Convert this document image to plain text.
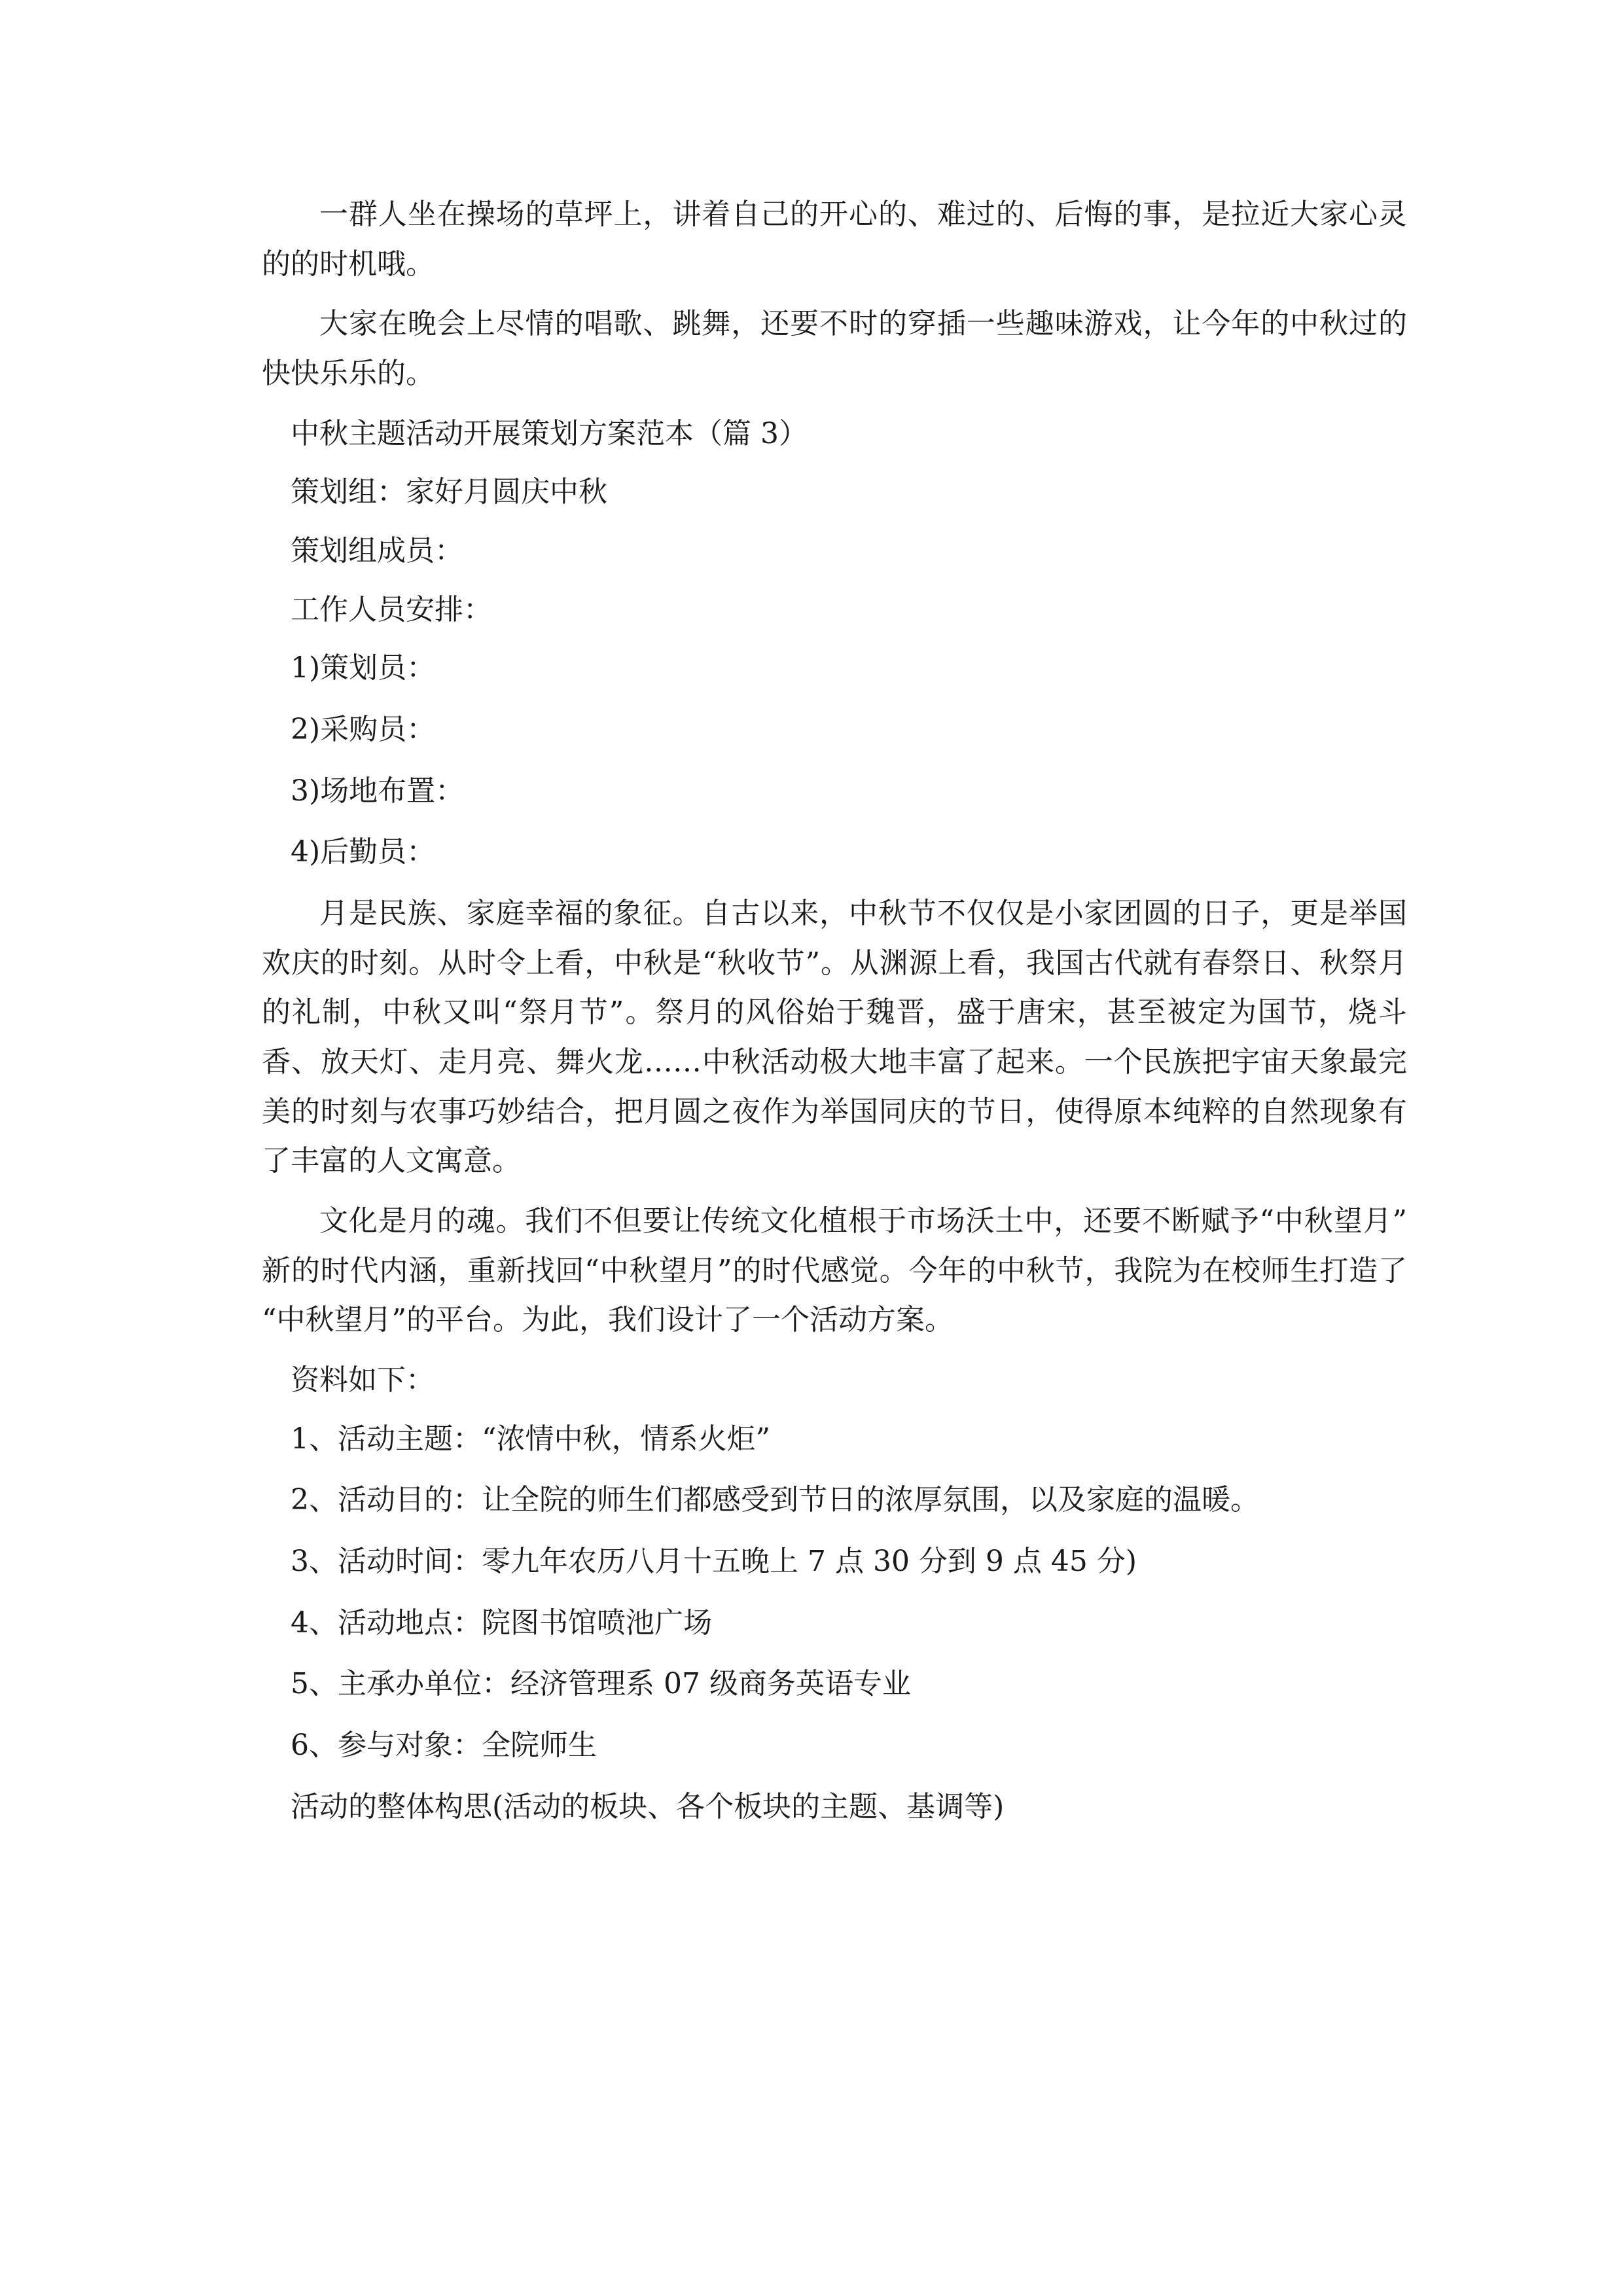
一群人坐在操场的草坪上，讲着自己的开心的、难过的、后悔的事，是拉近大家心灵的的时机哦。

大家在晚会上尽情的唱歌、跳舞，还要不时的穿插一些趣味游戏，让今年的中秋过的快快乐乐的。

中秋主题活动开展策划方案范本（篇 3）

策划组：家好月圆庆中秋

策划组成员：

工作人员安排：

1)策划员：

2)采购员：

3)场地布置：

4)后勤员：

月是民族、家庭幸福的象征。自古以来，中秋节不仅仅是小家团圆的日子，更是举国欢庆的时刻。从时令上看，中秋是“秋收节”。从渊源上看，我国古代就有春祭日、秋祭月的礼制，中秋又叫“祭月节”。祭月的风俗始于魏晋，盛于唐宋，甚至被定为国节，烧斗香、放天灯、走月亮、舞火龙……中秋活动极大地丰富了起来。一个民族把宇宙天象最完美的时刻与农事巧妙结合，把月圆之夜作为举国同庆的节日，使得原本纯粹的自然现象有了丰富的人文寓意。

文化是月的魂。我们不但要让传统文化植根于市场沃土中，还要不断赋予“中秋望月”新的时代内涵，重新找回“中秋望月”的时代感觉。今年的中秋节，我院为在校师生打造了“中秋望月”的平台。为此，我们设计了一个活动方案。

资料如下：

1、活动主题：“浓情中秋，情系火炬”

2、活动目的：让全院的师生们都感受到节日的浓厚氛围，以及家庭的温暖。

3、活动时间：零九年农历八月十五晚上 7 点 30 分到 9 点 45 分)

4、活动地点：院图书馆喷池广场

5、主承办单位：经济管理系 07 级商务英语专业

6、参与对象：全院师生

活动的整体构思(活动的板块、各个板块的主题、基调等)
